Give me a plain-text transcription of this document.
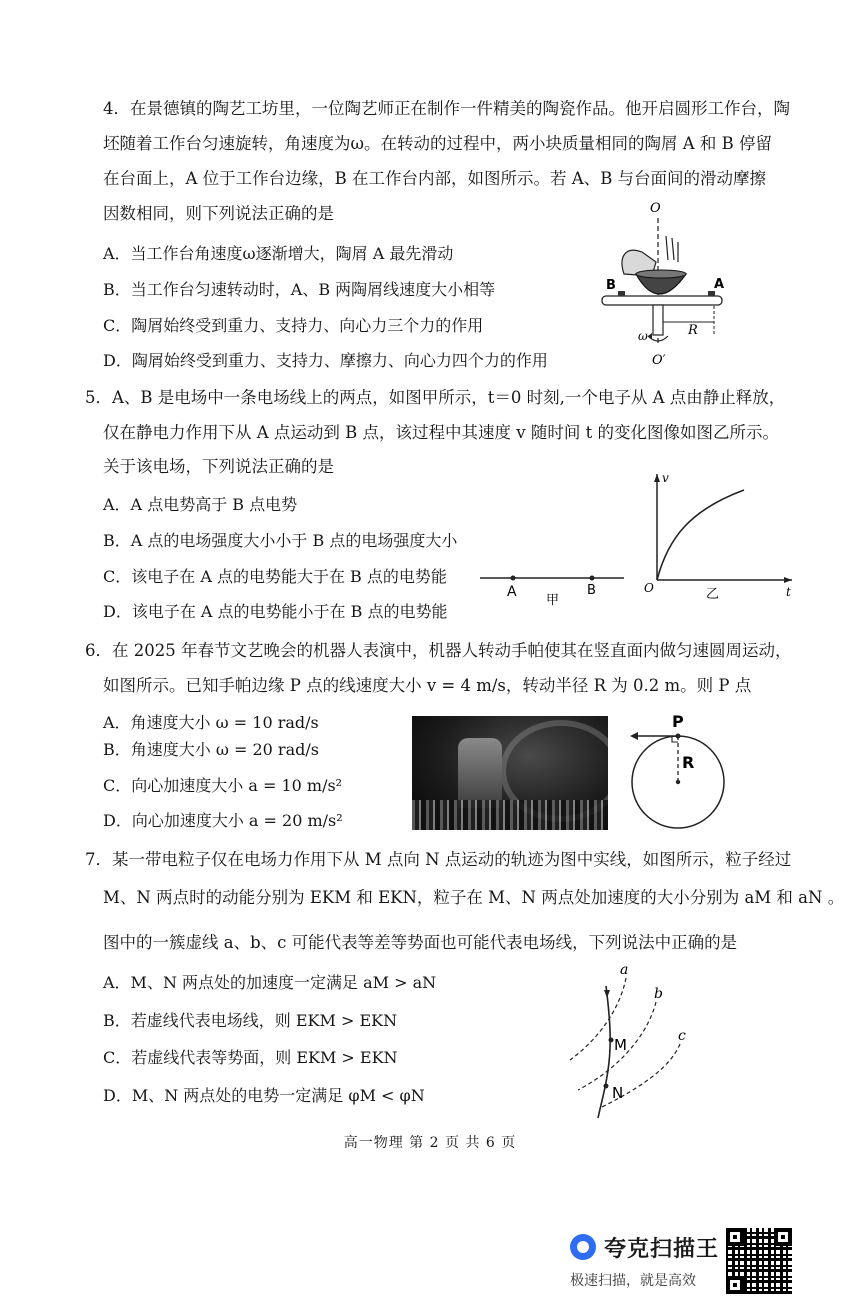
4．在景德镇的陶艺工坊里，一位陶艺师正在制作一件精美的陶瓷作品。他开启圆形工作台，陶
坯随着工作台匀速旋转，角速度为ω。在转动的过程中，两小块质量相同的陶屑 A 和 B 停留
在台面上，A 位于工作台边缘，B 在工作台内部，如图所示。若 A、B 与台面间的滑动摩擦
因数相同，则下列说法正确的是
A．当工作台角速度ω逐渐增大，陶屑 A 最先滑动
B．当工作台匀速转动时，A、B 两陶屑线速度大小相等
C．陶屑始终受到重力、支持力、向心力三个力的作用
D．陶屑始终受到重力、支持力、摩擦力、向心力四个力的作用
O
B	A
R
ω
O′
5．A、B 是电场中一条电场线上的两点，如图甲所示，t＝0 时刻,一个电子从 A 点由静止释放，
仅在静电力作用下从 A 点运动到 B 点，该过程中其速度 v 随时间 t 的变化图像如图乙所示。
关于该电场，下列说法正确的是
A．A 点电势高于 B 点电势
B．A 点的电场强度大小小于 B 点的电场强度大小
C．该电子在 A 点的电势能大于在 B 点的电势能
D．该电子在 A 点的电势能小于在 B 点的电势能
A	B
甲
v
t
O	乙
6．在 2025 年春节文艺晚会的机器人表演中，机器人转动手帕使其在竖直面内做匀速圆周运动，
如图所示。已知手帕边缘 P 点的线速度大小 v = 4 m/s，转动半径 R 为 0.2 m。则 P 点
A．角速度大小 ω = 10 rad/s
B．角速度大小 ω = 20 rad/s
C．向心加速度大小 a = 10 m/s²
D．向心加速度大小 a = 20 m/s²
P
R
7．某一带电粒子仅在电场力作用下从 M 点向 N 点运动的轨迹为图中实线，如图所示，粒子经过
M、N 两点时的动能分别为 EKM 和 EKN，粒子在 M、N 两点处加速度的大小分别为 aM 和 aN 。
图中的一簇虚线 a、b、c 可能代表等差等势面也可能代表电场线，下列说法中正确的是
A．M、N 两点处的加速度一定满足 aM > aN
B．若虚线代表电场线，则 EKM > EKN
C．若虚线代表等势面，则 EKM > EKN
D．M、N 两点处的电势一定满足 φM < φN
a
b
c
M
N
高一物理 第 2 页 共 6 页
夸克扫描王
极速扫描，就是高效
